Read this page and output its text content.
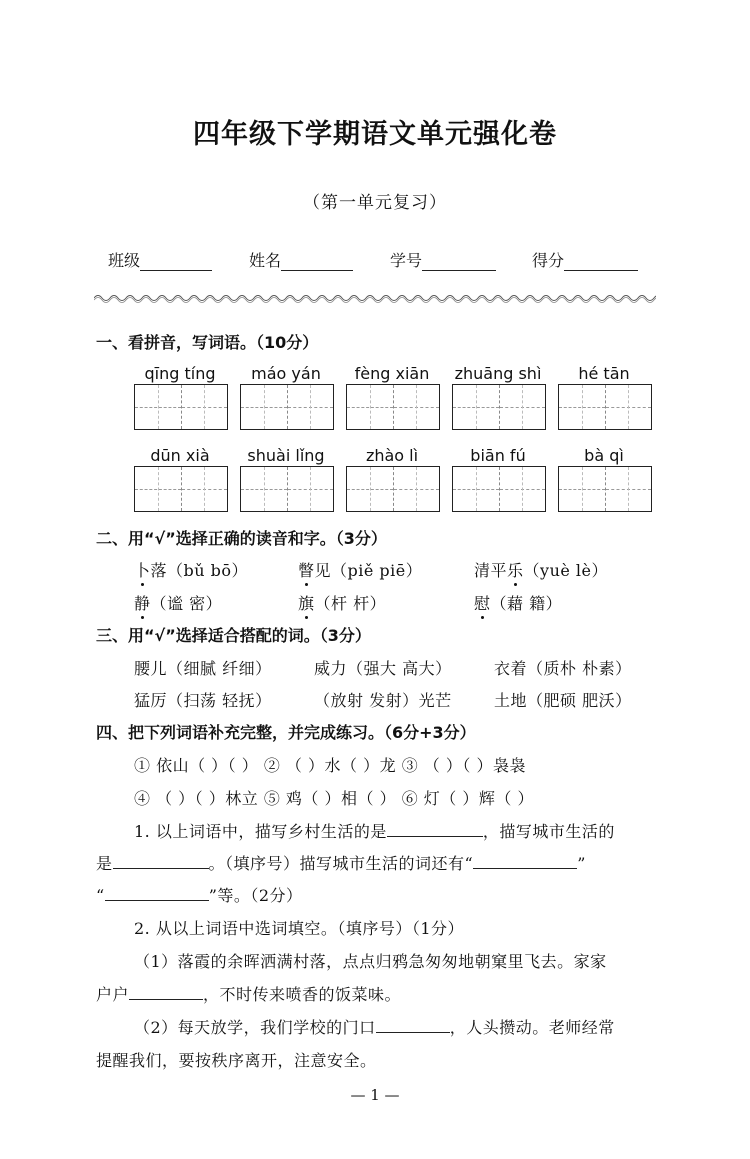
四年级下学期语文单元强化卷
（第一单元复习）
班级	姓名	学号	得分
一、看拼音，写词语。（10分）
qīng tíng	máo yán	fèng xiān	zhuāng shì	hé tān
dūn xià	shuài lǐng	zhào lì	biān fú	bà qì
二、用“√”选择正确的读音和字。（3分）
卜落（bǔ bō）	瞥见（piě piē）	清平乐（yuè lè）
静（谧 密）	旗（杆 杆）	慰（藉 籍）
三、用“√”选择适合搭配的词。（3分）
腰儿（细腻 纤细）	威力（强大 高大）	衣着（质朴 朴素）
猛厉（扫荡 轻抚）	（放射 发射）光芒	土地（肥硕 肥沃）
四、把下列词语补充完整，并完成练习。（6分+3分）
① 依山（ ）（ ） ② （ ）水（ ）龙 ③ （ ）（ ）袅袅
④ （ ）（ ）林立 ⑤ 鸡（ ）相（ ） ⑥ 灯（ ）辉（ ）
1. 以上词语中，描写乡村生活的是	，描写城市生活的
是	。（填序号）描写城市生活的词还有“	”
“	”等。（2分）
2. 从以上词语中选词填空。（填序号）（1分）
（1）落霞的余晖洒满村落，点点归鸦急匆匆地朝窠里飞去。家家
户户	，不时传来喷香的饭菜味。
（2）每天放学，我们学校的门口	，人头攒动。老师经常
提醒我们，要按秩序离开，注意安全。
— 1 —
